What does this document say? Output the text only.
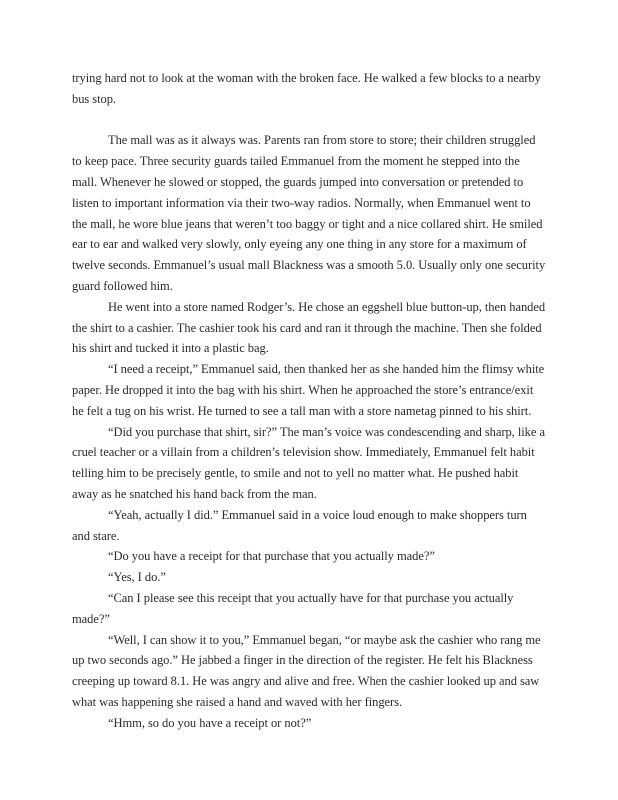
trying hard not to look at the woman with the broken face. He walked a few blocks to a nearby bus stop.

The mall was as it always was. Parents ran from store to store; their children struggled to keep pace. Three security guards tailed Emmanuel from the moment he stepped into the mall. Whenever he slowed or stopped, the guards jumped into conversation or pretended to listen to important information via their two-way radios. Normally, when Emmanuel went to the mall, he wore blue jeans that weren’t too baggy or tight and a nice collared shirt. He smiled ear to ear and walked very slowly, only eyeing any one thing in any store for a maximum of twelve seconds. Emmanuel’s usual mall Blackness was a smooth 5.0. Usually only one security guard followed him.

He went into a store named Rodger’s. He chose an eggshell blue button-up, then handed the shirt to a cashier. The cashier took his card and ran it through the machine. Then she folded his shirt and tucked it into a plastic bag.

“I need a receipt,” Emmanuel said, then thanked her as she handed him the flimsy white paper. He dropped it into the bag with his shirt. When he approached the store’s entrance/exit he felt a tug on his wrist. He turned to see a tall man with a store nametag pinned to his shirt.

“Did you purchase that shirt, sir?” The man’s voice was condescending and sharp, like a cruel teacher or a villain from a children’s television show. Immediately, Emmanuel felt habit telling him to be precisely gentle, to smile and not to yell no matter what. He pushed habit away as he snatched his hand back from the man.

“Yeah, actually I did.” Emmanuel said in a voice loud enough to make shoppers turn and stare.

“Do you have a receipt for that purchase that you actually made?”

“Yes, I do.”

“Can I please see this receipt that you actually have for that purchase you actually made?”

“Well, I can show it to you,” Emmanuel began, “or maybe ask the cashier who rang me up two seconds ago.” He jabbed a finger in the direction of the register. He felt his Blackness creeping up toward 8.1. He was angry and alive and free. When the cashier looked up and saw what was happening she raised a hand and waved with her fingers.

“Hmm, so do you have a receipt or not?”
